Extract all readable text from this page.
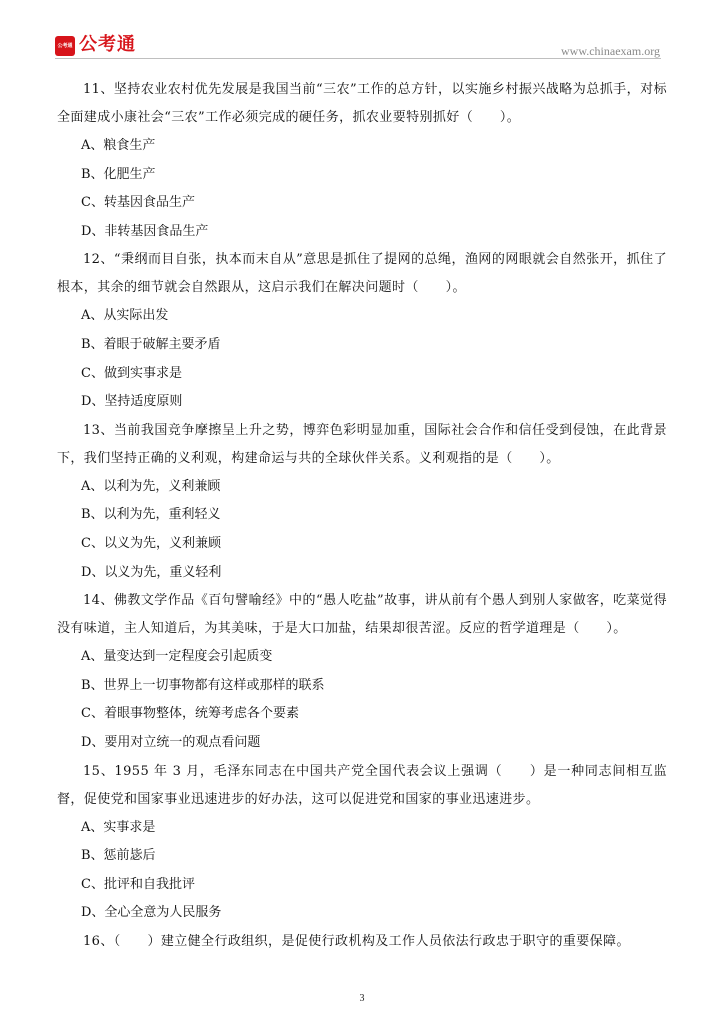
公考通 公考通	www.chinaexam.org

11、坚持农业农村优先发展是我国当前“三农”工作的总方针，以实施乡村振兴战略为总抓手，对标全面建成小康社会“三农”工作必须完成的硬任务，抓农业要特别抓好（　　）。

A、粮食生产

B、化肥生产

C、转基因食品生产

D、非转基因食品生产

12、“秉纲而目自张，执本而末自从”意思是抓住了提网的总绳，渔网的网眼就会自然张开，抓住了根本，其余的细节就会自然跟从，这启示我们在解决问题时（　　）。

A、从实际出发

B、着眼于破解主要矛盾

C、做到实事求是

D、坚持适度原则

13、当前我国竞争摩擦呈上升之势，博弈色彩明显加重，国际社会合作和信任受到侵蚀，在此背景下，我们坚持正确的义利观，构建命运与共的全球伙伴关系。义利观指的是（　　）。

A、以利为先，义利兼顾

B、以利为先，重利轻义

C、以义为先，义利兼顾

D、以义为先，重义轻利

14、佛教文学作品《百句譬喻经》中的“愚人吃盐”故事，讲从前有个愚人到别人家做客，吃菜觉得没有味道，主人知道后，为其美味，于是大口加盐，结果却很苦涩。反应的哲学道理是（　　）。

A、量变达到一定程度会引起质变

B、世界上一切事物都有这样或那样的联系

C、着眼事物整体，统筹考虑各个要素

D、要用对立统一的观点看问题

15、1955 年 3 月，毛泽东同志在中国共产党全国代表会议上强调（　　）是一种同志间相互监督，促使党和国家事业迅速进步的好办法，这可以促进党和国家的事业迅速进步。

A、实事求是

B、惩前毖后

C、批评和自我批评

D、全心全意为人民服务

16、（　　）建立健全行政组织，是促使行政机构及工作人员依法行政忠于职守的重要保障。

3
